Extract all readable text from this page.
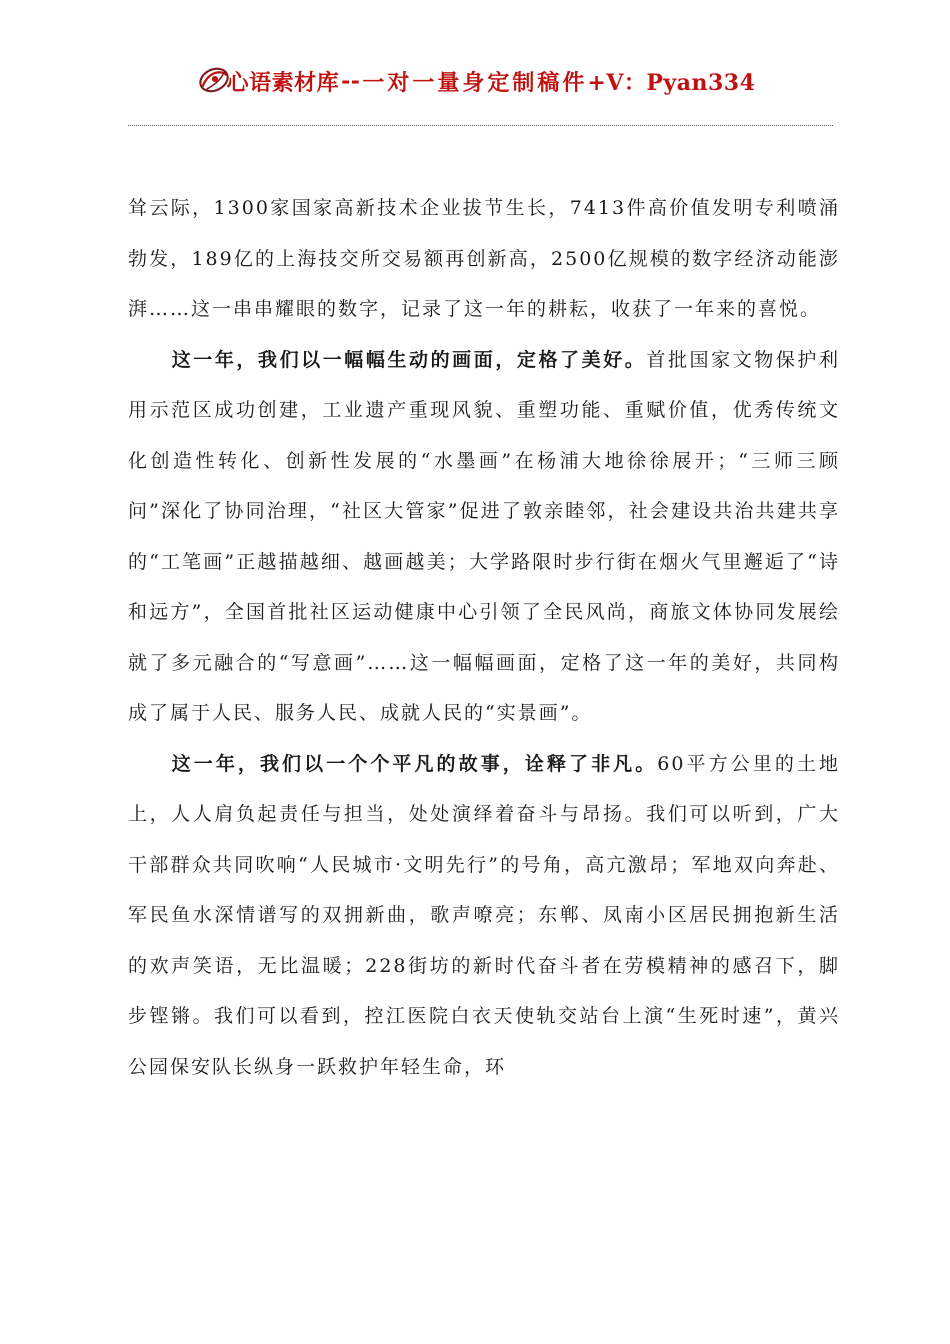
心语素材库 -- 一对一量身定制稿件 +V：Pyan334

耸云际，1300家国家高新技术企业拔节生长，7413件高价值发明专利喷涌勃发，189亿的上海技交所交易额再创新高，2500亿规模的数字经济动能澎湃……这一串串耀眼的数字，记录了这一年的耕耘，收获了一年来的喜悦。

这一年，我们以一幅幅生动的画面，定格了美好。首批国家文物保护利用示范区成功创建，工业遗产重现风貌、重塑功能、重赋价值，优秀传统文化创造性转化、创新性发展的“水墨画”在杨浦大地徐徐展开；“三师三顾问”深化了协同治理，“社区大管家”促进了敦亲睦邻，社会建设共治共建共享的“工笔画”正越描越细、越画越美；大学路限时步行街在烟火气里邂逅了“诗和远方”，全国首批社区运动健康中心引领了全民风尚，商旅文体协同发展绘就了多元融合的“写意画”……这一幅幅画面，定格了这一年的美好，共同构成了属于人民、服务人民、成就人民的“实景画”。

这一年，我们以一个个平凡的故事，诠释了非凡。60平方公里的土地上，人人肩负起责任与担当，处处演绎着奋斗与昂扬。我们可以听到，广大干部群众共同吹响“人民城市·文明先行”的号角，高亢激昂；军地双向奔赴、军民鱼水深情谱写的双拥新曲，歌声嘹亮；东郸、凤南小区居民拥抱新生活的欢声笑语，无比温暖；228街坊的新时代奋斗者在劳模精神的感召下，脚步铿锵。我们可以看到，控江医院白衣天使轨交站台上演“生死时速”，黄兴公园保安队长纵身一跃救护年轻生命，环
